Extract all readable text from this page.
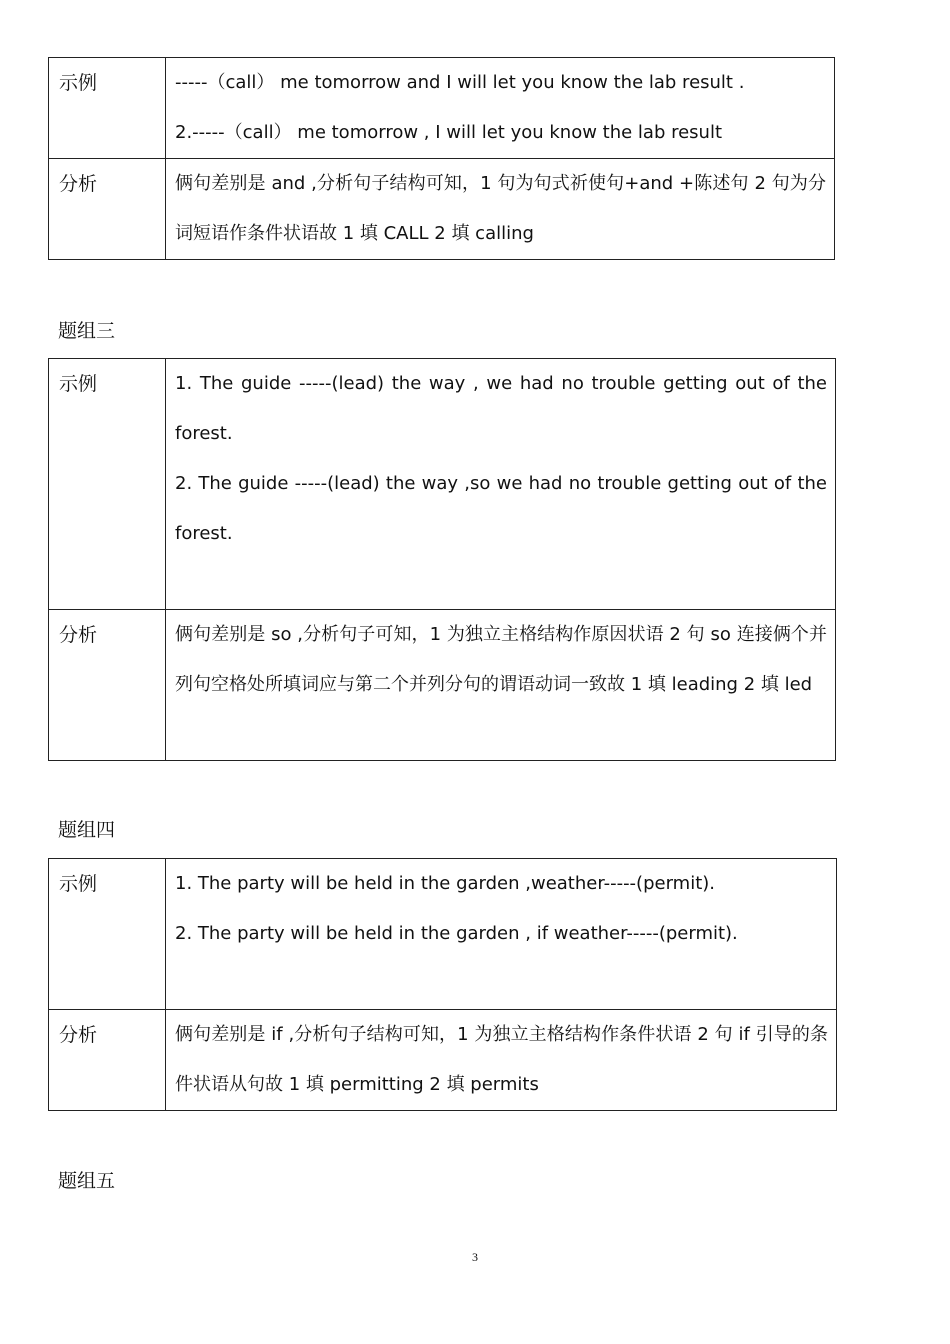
示例	-----（call） me tomorrow and I will let you know the lab result .
2.-----（call） me tomorrow , I will let you know the lab result

分析	俩句差别是 and ,分析句子结构可知，1 句为句式祈使句+and +陈述句 2 句为分词短语作条件状语故 1 填 CALL 2 填 calling
题组三
示例	1. The guide -----(lead) the way , we had no trouble getting out of the forest.
2. The guide -----(lead) the way ,so we had no trouble getting out of the forest.

分析	俩句差别是 so ,分析句子可知，1 为独立主格结构作原因状语 2 句 so 连接俩个并列句空格处所填词应与第二个并列分句的谓语动词一致故 1 填 leading 2 填 led
题组四
示例	1. The party will be held in the garden ,weather-----(permit).
2. The party will be held in the garden , if weather-----(permit).

分析	俩句差别是 if ,分析句子结构可知，1 为独立主格结构作条件状语 2 句 if 引导的条件状语从句故 1 填 permitting 2 填 permits
题组五
3
